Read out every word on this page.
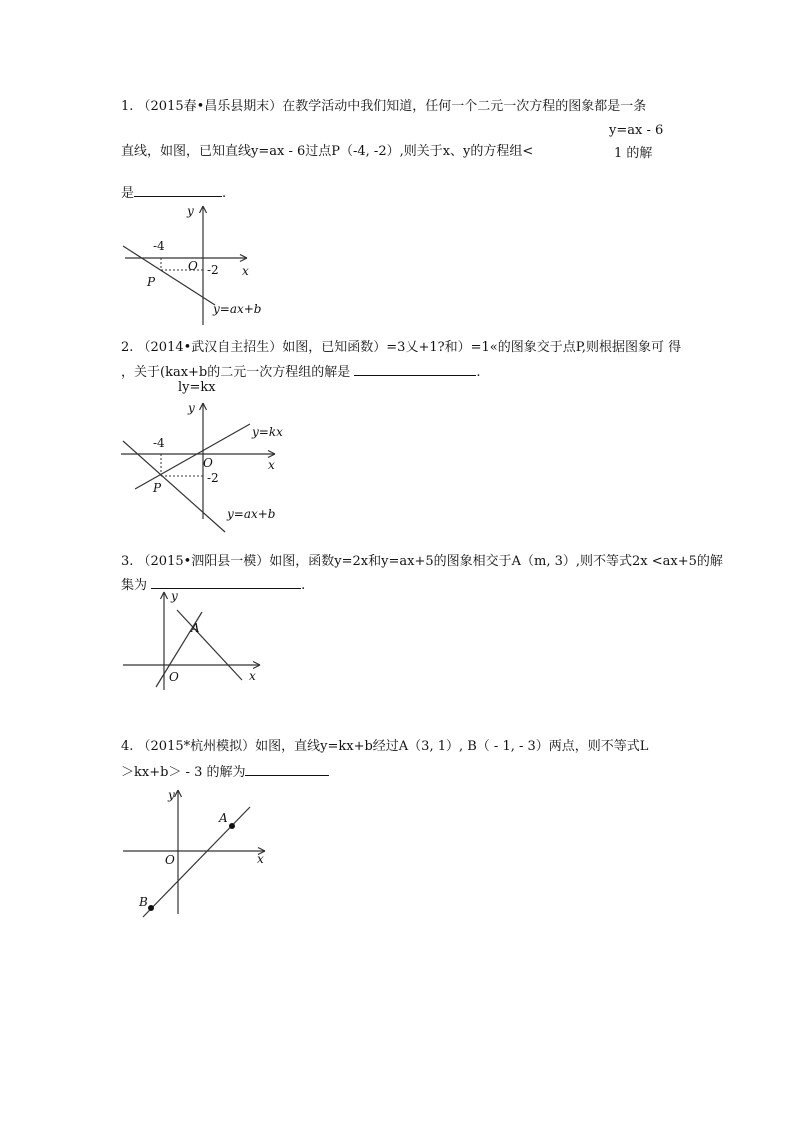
1. （2015春•昌乐县期末）在教学活动中我们知道，任何一个二元一次方程的图象都是一条
y=ax - 6
直线，如图，已知直线y=ax - 6过点P（-4, -2）,则关于x、y的方程组<	1 的解
是	.
y
x
O
-4
-2
P
y=ax+b
2. （2014•武汉自主招生）如图，已知函数）=3乂+1?和）=1«的图象交于点P,则根据图象可 得
，关于(kax+b的二元一次方程组的解是	.
ly=kx
y
x
O
-4
-2
P
y=kx
y=ax+b
3. （2015•泗阳县一模）如图，函数y=2x和y=ax+5的图象相交于A（m, 3）,则不等式2x <ax+5的解
集为	.
y
x
O
A
4. （2015*杭州模拟）如图，直线y=kx+b经过A（3, 1）, B（ - 1, - 3）两点，则不等式L
＞kx+b＞ - 3 的解为
y
x
O
A
B
